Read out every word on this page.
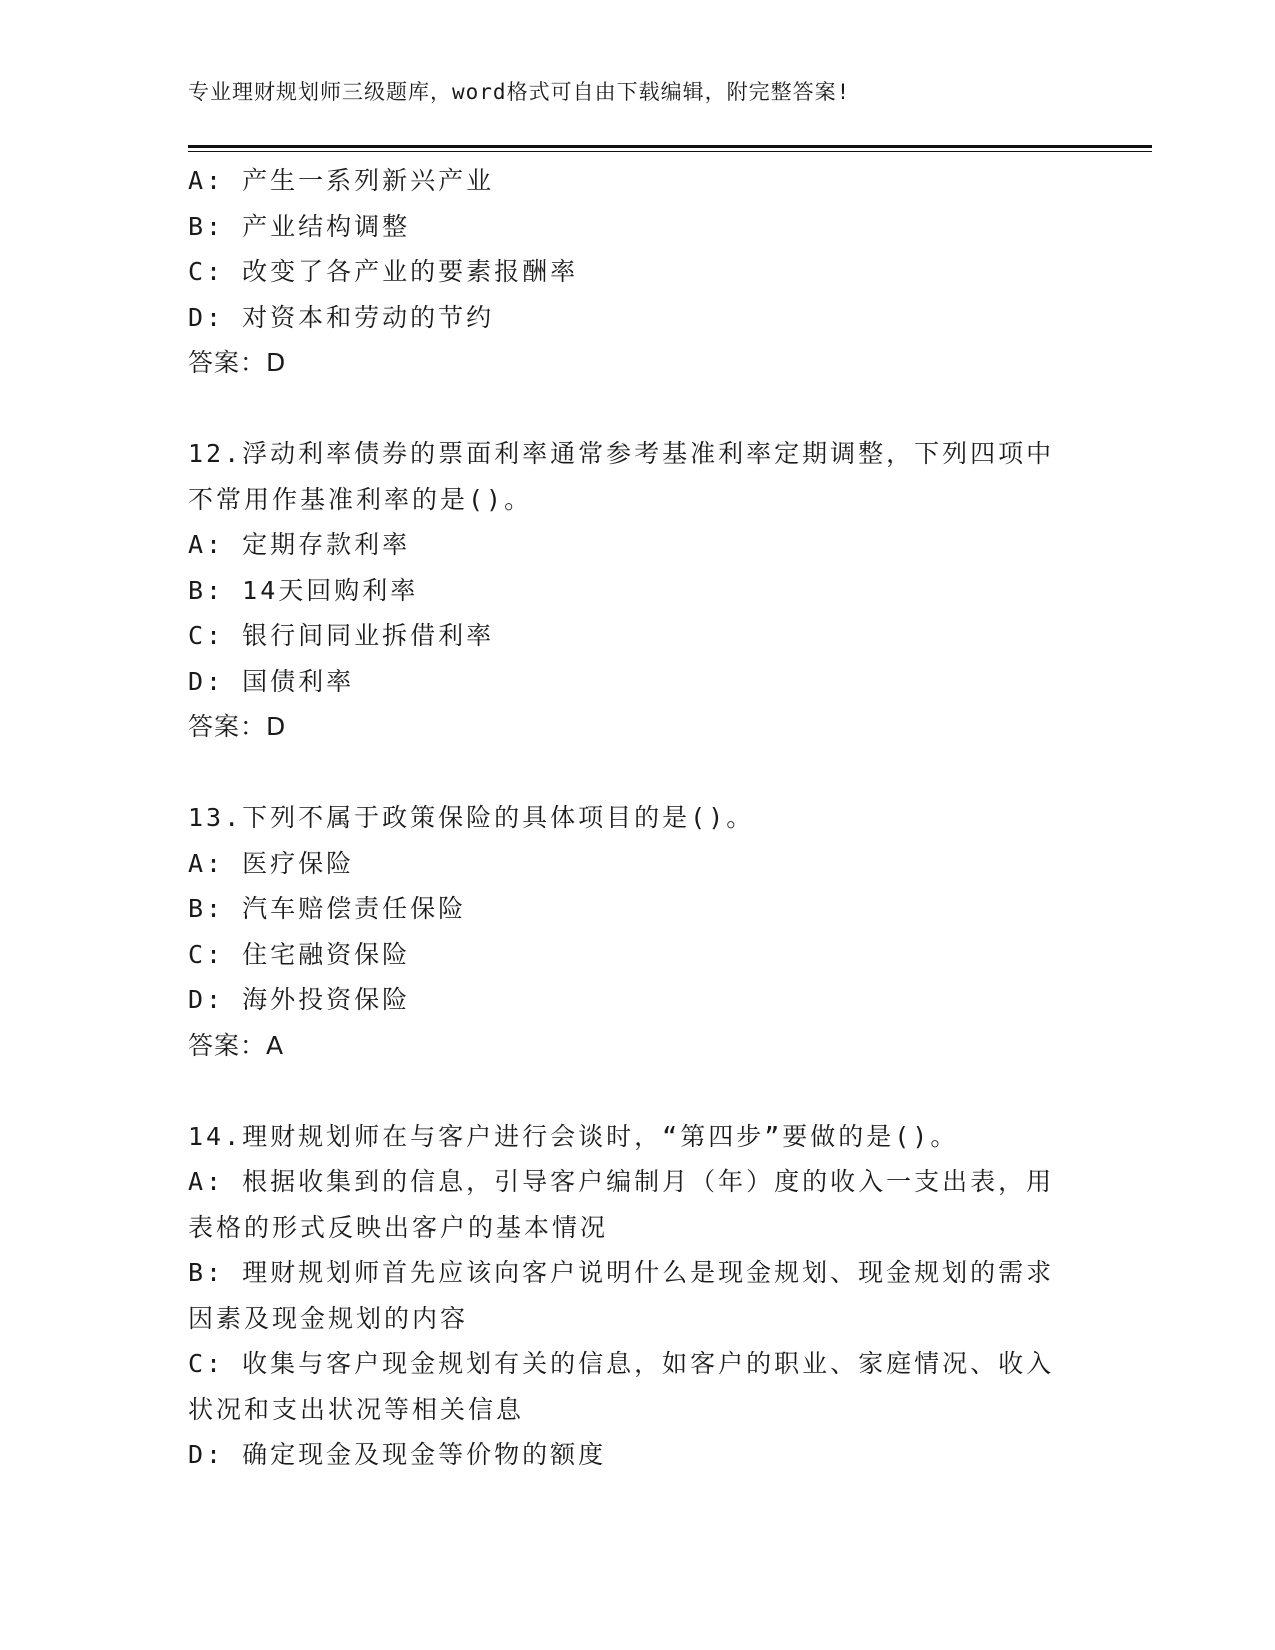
专业理财规划师三级题库，word格式可自由下载编辑，附完整答案!
A: 产生一系列新兴产业
B: 产业结构调整
C: 改变了各产业的要素报酬率
D: 对资本和劳动的节约
答案：D
12.浮动利率债券的票面利率通常参考基准利率定期调整，下列四项中
不常用作基准利率的是()。
A: 定期存款利率
B: 14天回购利率
C: 银行间同业拆借利率
D: 国债利率
答案：D
13.下列不属于政策保险的具体项目的是()。
A: 医疗保险
B: 汽车赔偿责任保险
C: 住宅融资保险
D: 海外投资保险
答案：A
14.理财规划师在与客户进行会谈时，“第四步”要做的是()。
A: 根据收集到的信息，引导客户编制月（年）度的收入一支出表，用
表格的形式反映出客户的基本情况
B: 理财规划师首先应该向客户说明什么是现金规划、现金规划的需求
因素及现金规划的内容
C: 收集与客户现金规划有关的信息，如客户的职业、家庭情况、收入
状况和支出状况等相关信息
D: 确定现金及现金等价物的额度
